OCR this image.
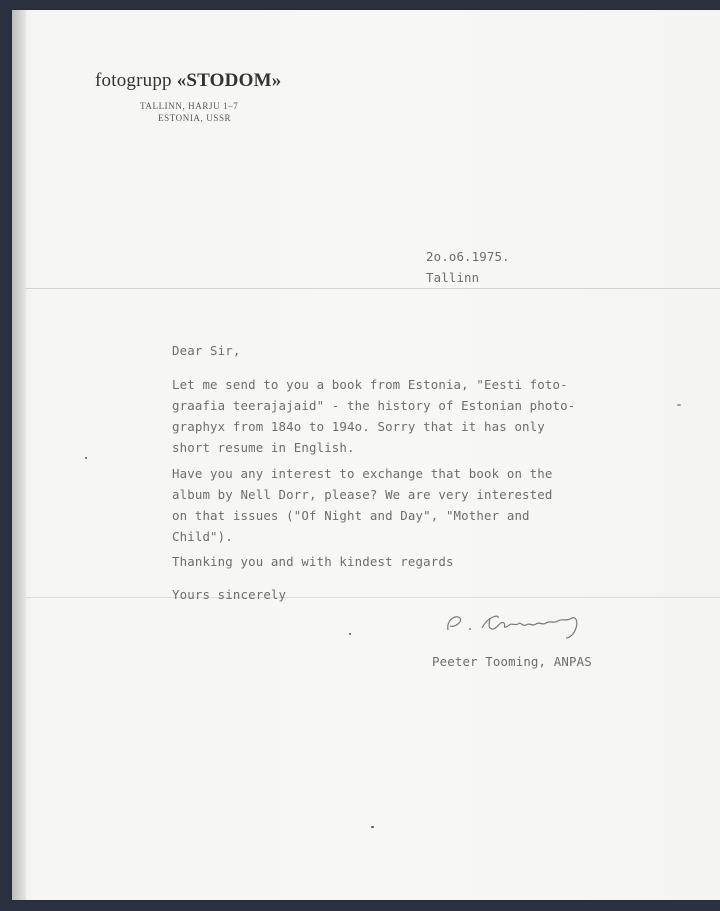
fotogrupp «STODOM»
TALLINN, HARJU 1–7
ESTONIA, USSR
2o.o6.1975.
Tallinn
Dear Sir,
Let me send to you a book from Estonia, "Eesti foto-
graafia teerajajaid" - the history of Estonian photo-
graphyx from 184o to 194o. Sorry that it has only
short resume in English.
Have you any interest to exchange that book on the
album by Nell Dorr, please? We are very interested
on that issues ("Of Night and Day", "Mother and
Child").
Thanking you and with kindest regards
Yours sincerely
Peeter Tooming, ANPAS
